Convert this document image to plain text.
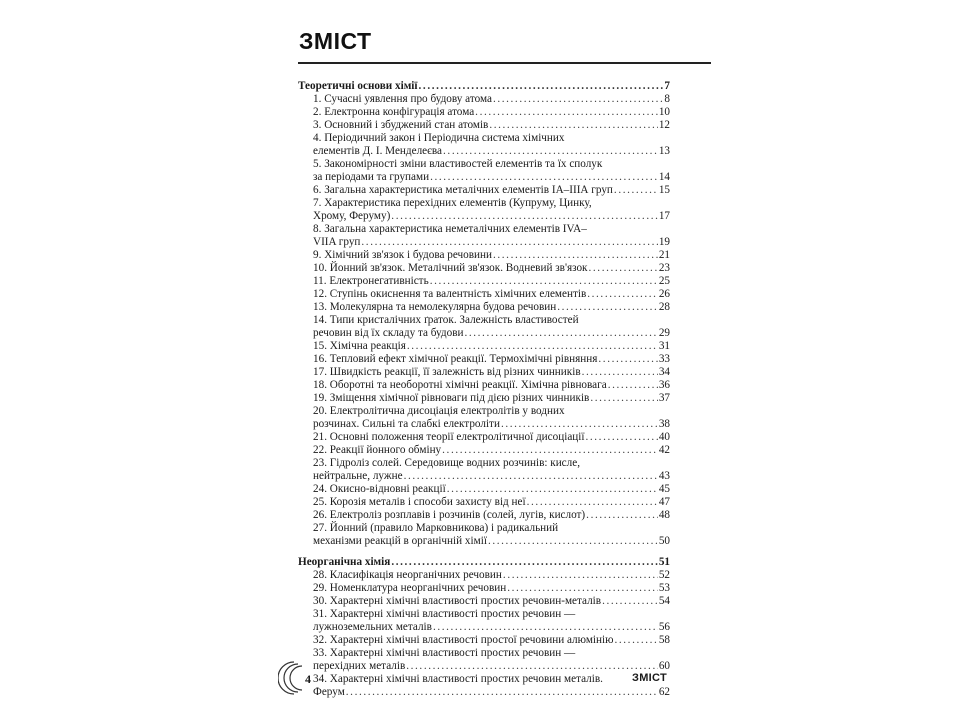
ЗМІСТ
Теоретичні основи хімії .....	7
1. Сучасні уявлення про будову атома .....	8
2. Електронна конфігурація атома .....	10
3. Основний і збуджений стан атомів .....	12
4. Періодичний закон і Періодична система хімічних
елементів Д. І. Менделеєва .....	13
5. Закономірності зміни властивостей елементів та їх сполук
за періодами та групами .....	14
6. Загальна характеристика металічних елементів ІА–ІІІА груп .....	15
7. Характеристика перехідних елементів (Купруму, Цинку,
Хрому, Феруму) .....	17
8. Загальна характеристика неметалічних елементів IVA–
VIIA груп .....	19
9. Хімічний зв'язок і будова речовини .....	21
10. Йонний зв'язок. Металічний зв'язок. Водневий зв'язок .....	23
11. Електронегативність .....	25
12. Ступінь окиснення та валентність хімічних елементів .....	26
13. Молекулярна та немолекулярна будова речовин .....	28
14. Типи кристалічних ґраток. Залежність властивостей
речовин від їх складу та будови .....	29
15. Хімічна реакція .....	31
16. Тепловий ефект хімічної реакції. Термохімічні рівняння .....	33
17. Швидкість реакції, її залежність від різних чинників .....	34
18. Оборотні та необоротні хімічні реакції. Хімічна рівновага .....	36
19. Зміщення хімічної рівноваги під дією різних чинників .....	37
20. Електролітична дисоціація електролітів у водних
розчинах. Сильні та слабкі електроліти .....	38
21. Основні положення теорії електролітичної дисоціації .....	40
22. Реакції йонного обміну .....	42
23. Гідроліз солей. Середовище водних розчинів: кисле,
нейтральне, лужне .....	43
24. Окисно-відновні реакції .....	45
25. Корозія металів і способи захисту від неї .....	47
26. Електроліз розплавів і розчинів (солей, лугів, кислот) .....	48
27. Йонний (правило Марковникова) і радикальний
механізми реакцій в органічній хімії .....	50
Неорганічна хімія .....	51
28. Класифікація неорганічних речовин .....	52
29. Номенклатура неорганічних речовин .....	53
30. Характерні хімічні властивості простих речовин-металів .....	54
31. Характерні хімічні властивості простих речовин —
лужноземельних металів .....	56
32. Характерні хімічні властивості простої речовини алюмінію .....	58
33. Характерні хімічні властивості простих речовин —
перехідних металів .....	60
34. Характерні хімічні властивості простих речовин металів.
Ферум .....	62
4	ЗМІСТ
